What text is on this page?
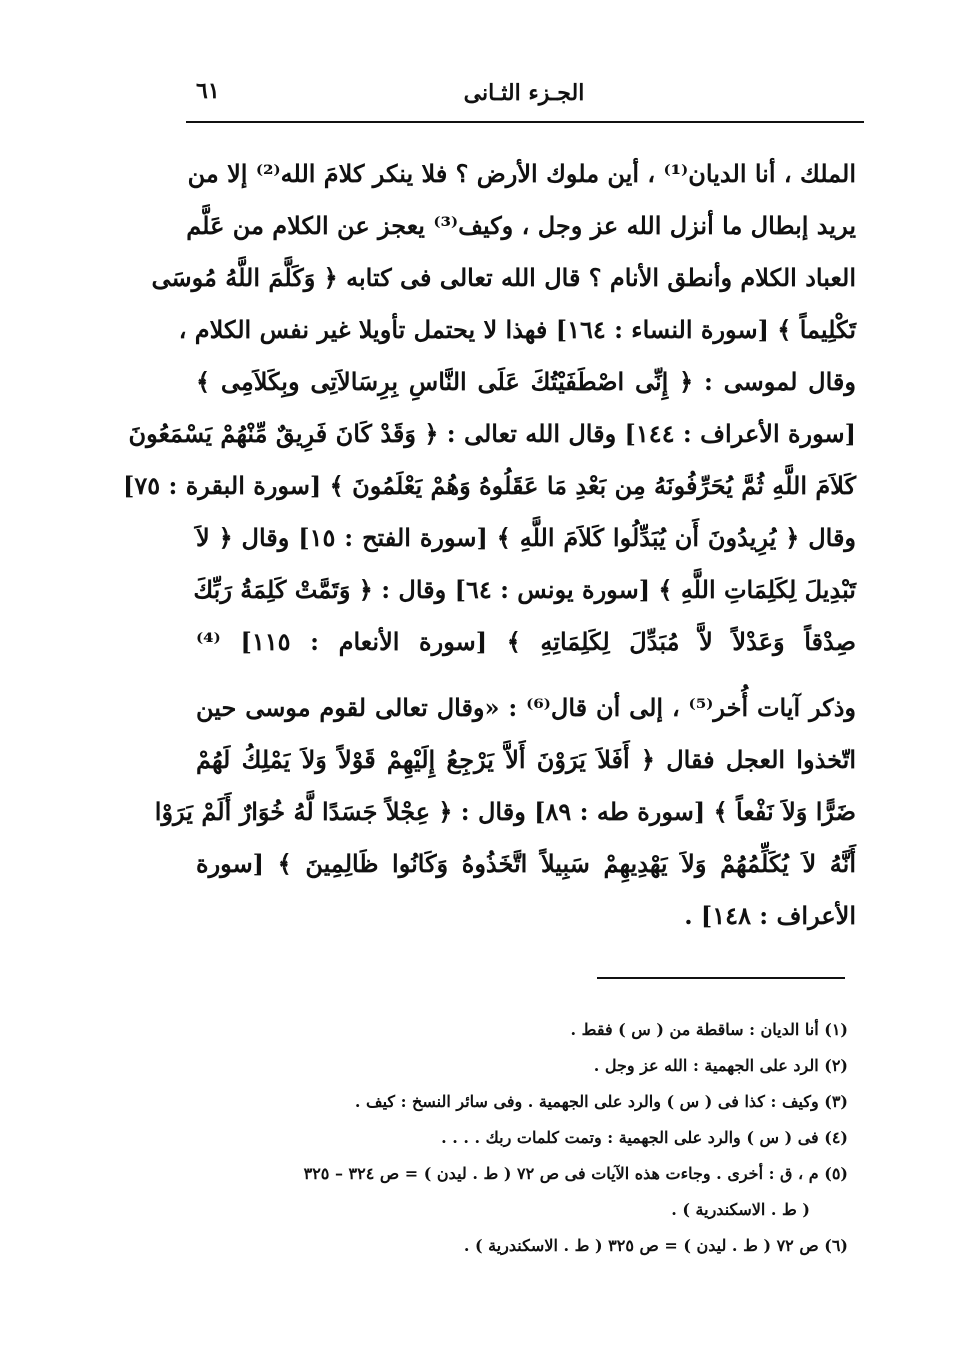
٦١	الجـزء الثـانى
الملك ، أنا الديان⁽¹⁾ ، أين ملوك الأرض ؟ فلا ينكر كلامَ الله⁽²⁾ إلا من
يريد إبطال ما أنزل الله عز وجل ، وكيف⁽³⁾ يعجز عن الكلام من عَلَّم
العباد الكلام وأنطق الأنام ؟ قال الله تعالى فى كتابه ﴿ وَكَلَّمَ اللَّهُ مُوسَى
تَكْلِيماً ﴾ [سورة النساء : ١٦٤] فهذا لا يحتمل تأويلا غير نفس الكلام ،
وقال لموسى : ﴿ إِنِّى اصْطَفَيْتُكَ عَلَى النَّاسِ بِرِسَالاَتِى وبِكَلاَمِى ﴾
[سورة الأعراف : ١٤٤] وقال الله تعالى : ﴿ وَقَدْ كَانَ فَرِيقٌ مِّنْهُمْ يَسْمَعُونَ
كَلاَمَ اللَّهِ ثُمَّ يُحَرِّفُونَهُ مِن بَعْدِ مَا عَقَلُوهُ وَهُمْ يَعْلَمُونَ ﴾ [سورة البقرة : ٧٥]
وقال ﴿ يُرِيدُونَ أَن يُبَدِّلُوا كَلاَمَ اللَّهِ ﴾ [سورة الفتح : ١٥] وقال ﴿ لاَ
تَبْدِيلَ لِكَلِمَاتِ اللَّهِ ﴾ [سورة يونس : ٦٤] وقال : ﴿ وَتَمَّتْ كَلِمَةُ رَبِّكَ
صِدْقاً وَعَدْلاً لاَّ مُبَدِّلَ لِكَلِمَاتِهِ ﴾ [سورة الأنعام : ١١٥] ⁽⁴⁾
وذكر آيات أُخر⁽⁵⁾ ، إلى أن قال⁽⁶⁾ : «وقال تعالى لقوم موسى حين
اتّخذوا العجل فقال ﴿ أَفَلاَ يَرَوْنَ أَلاَّ يَرْجِعُ إِلَيْهِمْ قَوْلاً وَلاَ يَمْلِكُ لَهُمْ
ضَرًّا وَلاَ نَفْعاً ﴾ [سورة طه : ٨٩] وقال : ﴿ عِجْلاً جَسَدًا لَّهُ خُوَارٌ أَلَمْ يَرَوْا
أَنَّهُ لاَ يُكَلِّمُهُمْ وَلاَ يَهْدِيهِمْ سَبِيلاً اتَّخَذُوهُ وَكَانُوا ظَالِمِينَ ﴾ [سورة
الأعراف : ١٤٨] .
(١) أنا الديان : ساقطة من ( س ) فقط .
(٢) الرد على الجهمية : الله عز وجل .
(٣) وكيف : كذا فى ( س ) والرد على الجهمية . وفى سائر النسخ : كيف .
(٤) فى ( س ) والرد على الجهمية : وتمت كلمات ربك . . . .
(٥) م ، ق : أخرى . وجاءت هذه الآيات فى ص ٧٢ ( ط . ليدن ) = ص ٣٢٤ – ٣٢٥
( ط . الاسكندرية ) .
(٦) ص ٧٢ ( ط . ليدن ) = ص ٣٢٥ ( ط . الاسكندرية ) .
